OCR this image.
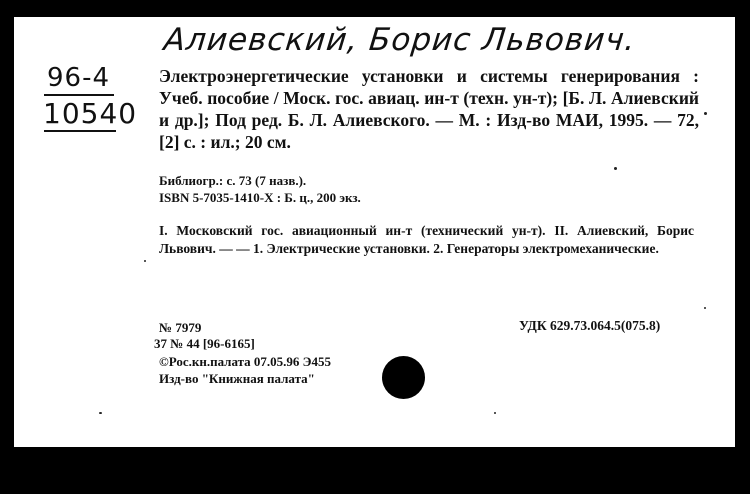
Алиевский, Борис Львович.
96-4
10540
Электроэнергетические установки и системы генерирования : Учеб. пособие / Моск. гос. авиац. ин-т (техн. ун-т); [Б. Л. Алиевский и др.]; Под ред. Б. Л. Алиевского. — М. : Изд-во МАИ, 1995. — 72,[2] с. : ил.; 20 см.
Библиогр.: с. 73 (7 назв.).
ISBN 5-7035-1410-X : Б. ц., 200 экз.
I. Московский гос. авиационный ин-т (технический ун-т). II. Алиевский, Борис Львович. — — 1. Электрические установки. 2. Генераторы электромеханические.
№ 7979
37 № 44 [96-6165]
©Рос.кн.палата 07.05.96 Э455
Изд-во "Книжная палата"
УДК 629.73.064.5(075.8)
